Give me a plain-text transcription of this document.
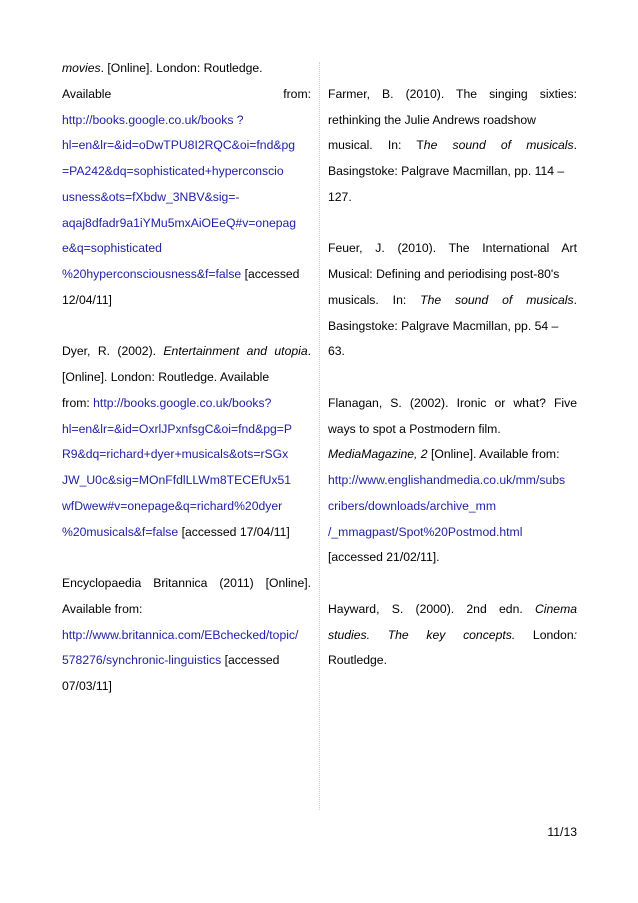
movies. [Online]. London: Routledge.
Available	from:
http://books.google.co.uk/books ?
hl=en&lr=&id=oDwTPU8I2RQC&oi=fnd&pg
=PA242&dq=sophisticated+hyperconscio
usness&ots=fXbdw_3NBV&sig=-
aqaj8dfadr9a1iYMu5mxAiOEeQ#v=onepag
e&q=sophisticated
%20hyperconsciousness&f=false [accessed
12/04/11]
Dyer, R. (2002). Entertainment and utopia.
[Online]. London: Routledge. Available
from: http://books.google.co.uk/books?
hl=en&lr=&id=OxrlJPxnfsgC&oi=fnd&pg=P
R9&dq=richard+dyer+musicals&ots=rSGx
JW_U0c&sig=MOnFfdlLLWm8TECEfUx51
wfDwew#v=onepage&q=richard%20dyer
%20musicals&f=false [accessed 17/04/11]
Encyclopaedia Britannica (2011) [Online].
Available from:
http://www.britannica.com/EBchecked/topic/
578276/synchronic-linguistics [accessed
07/03/11]
Farmer, B. (2010). The singing sixties:
rethinking the Julie Andrews roadshow
musical. In: The sound of musicals.
Basingstoke: Palgrave Macmillan, pp. 114 –
127.
Feuer, J. (2010). The International Art
Musical: Defining and periodising post-80's
musicals. In: The sound of musicals.
Basingstoke: Palgrave Macmillan, pp. 54 –
63.
Flanagan, S. (2002). Ironic or what? Five
ways to spot a Postmodern film.
MediaMagazine, 2 [Online]. Available from:
http://www.englishandmedia.co.uk/mm/subs
cribers/downloads/archive_mm
/_mmagpast/Spot%20Postmod.html
[accessed 21/02/11].
Hayward, S. (2000). 2nd edn. Cinema
studies. The key concepts. London:
Routledge.
11/13
